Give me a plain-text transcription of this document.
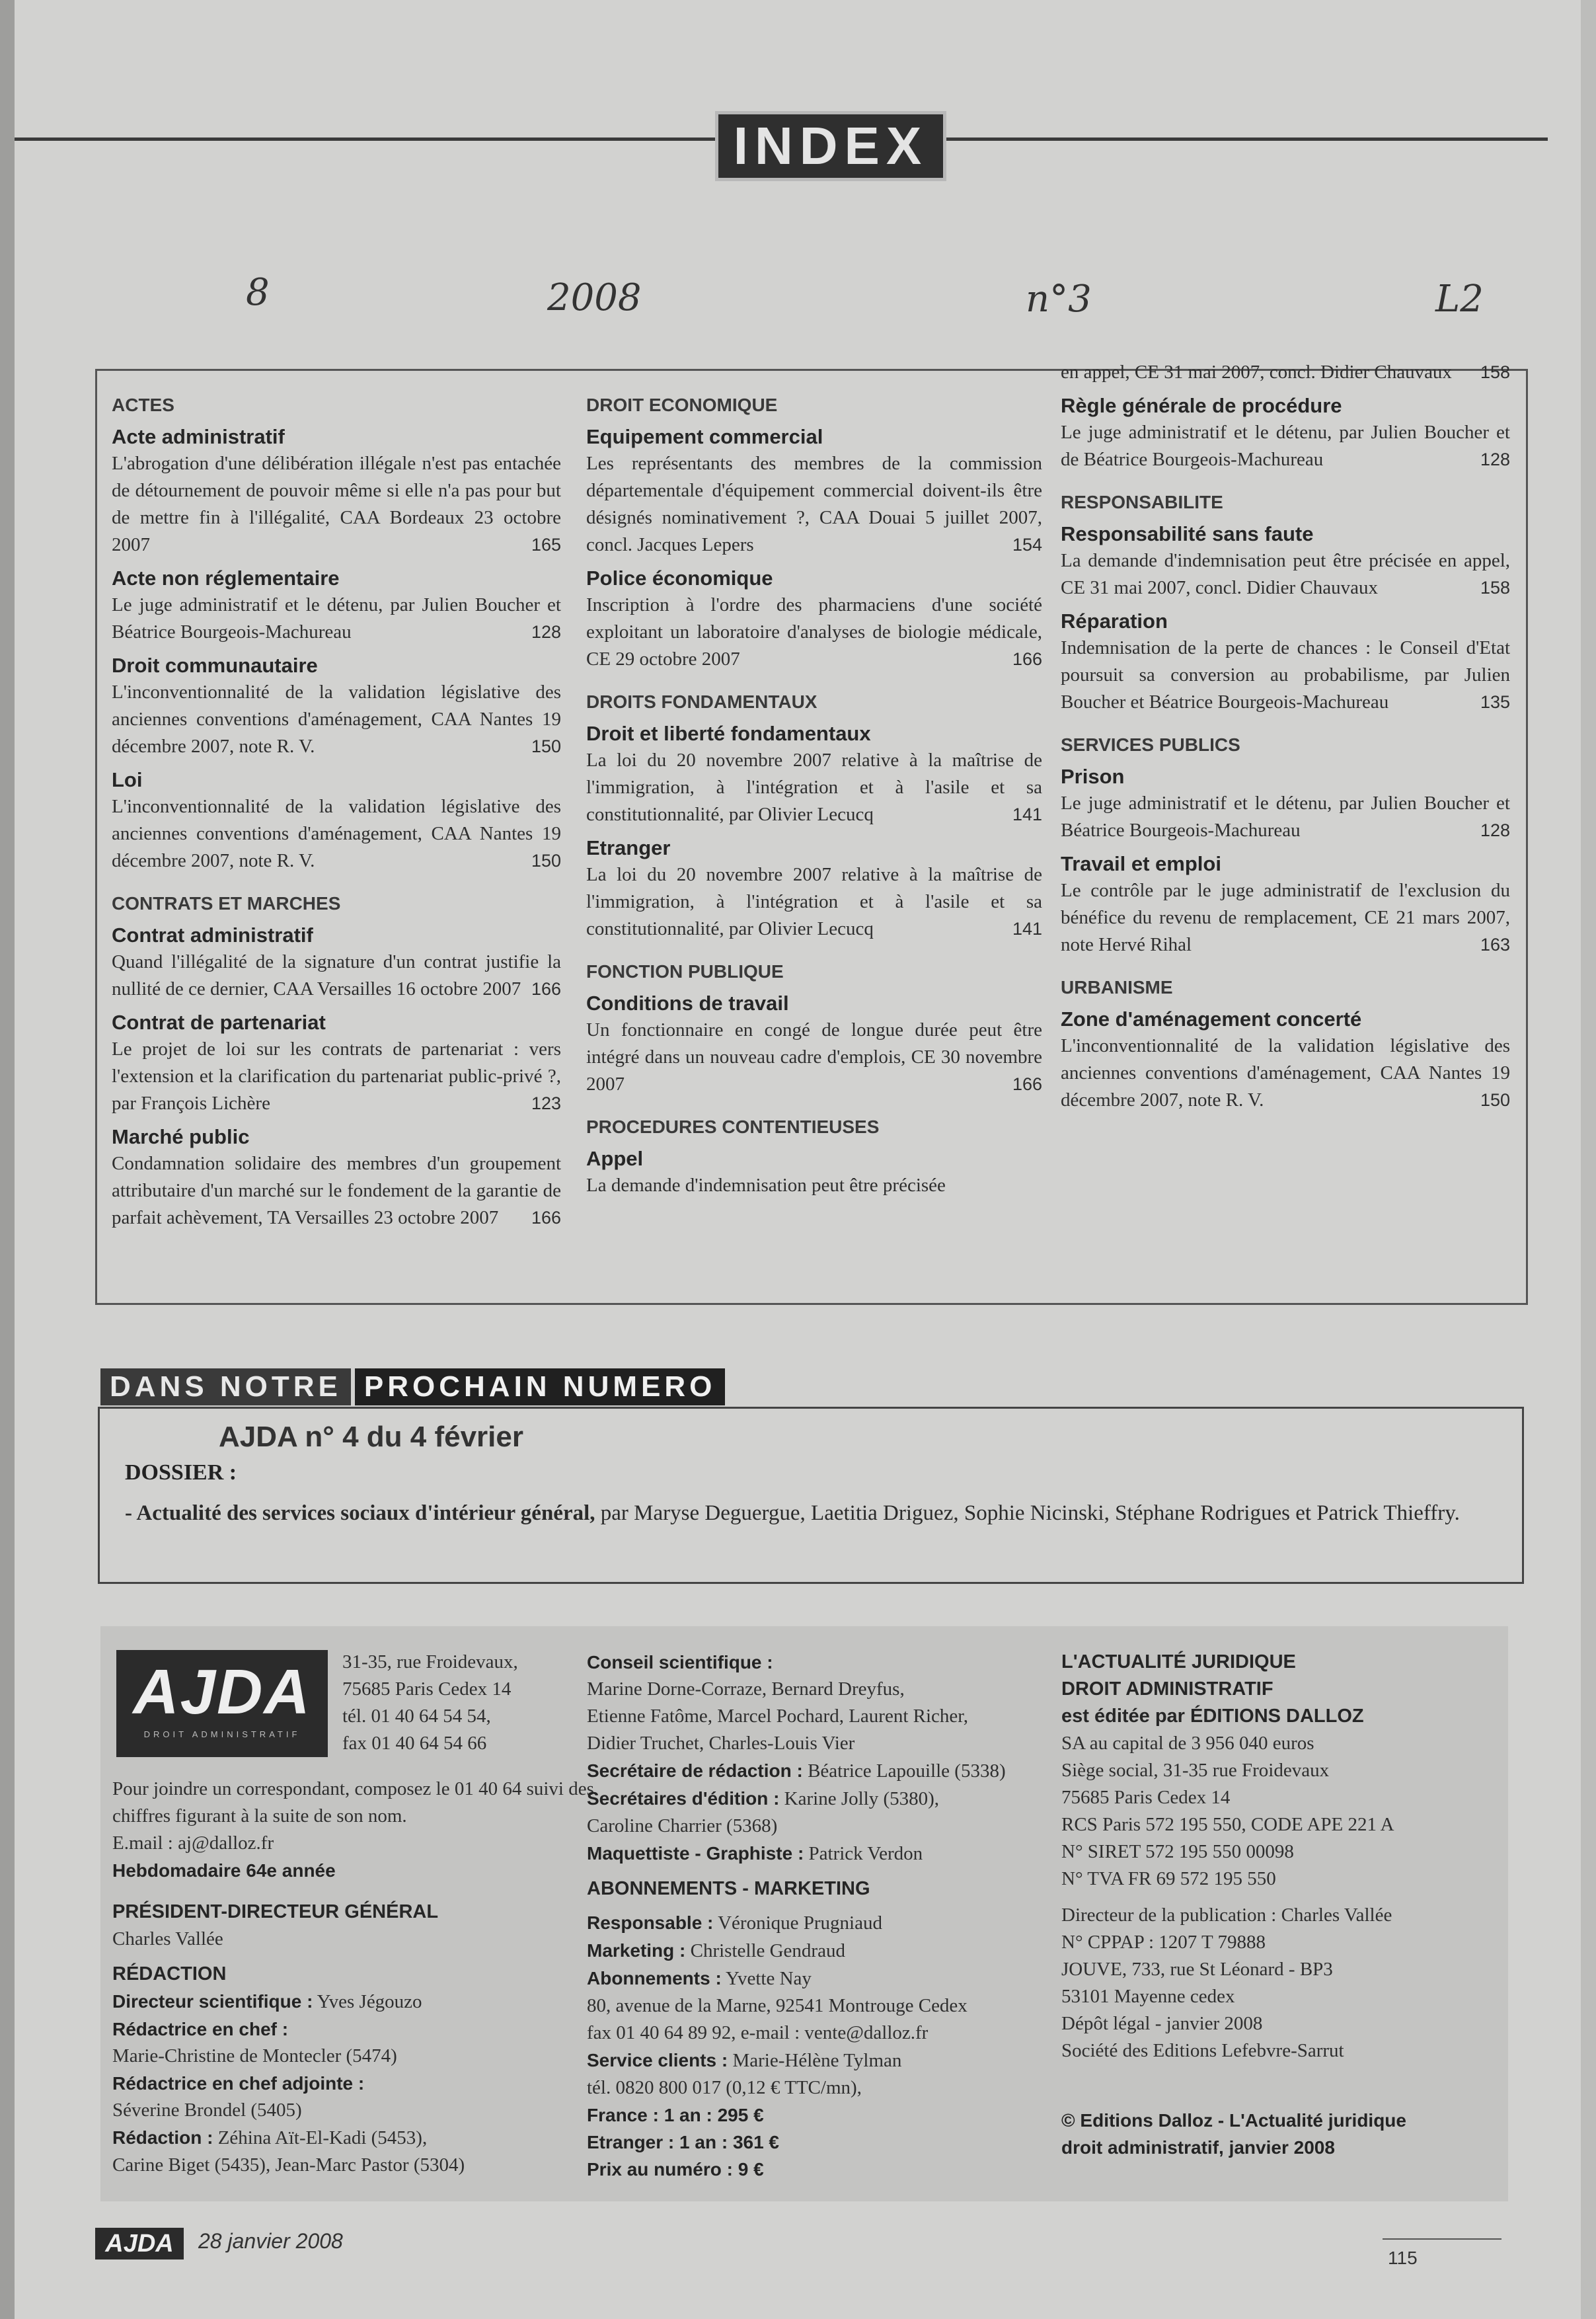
INDEX
8	2008	n°3	L2
ACTES
Acte administratif
L'abrogation d'une délibération illégale n'est pas entachée de détournement de pouvoir même si elle n'a pas pour but de mettre fin à l'illégalité, CAA Bordeaux 23 octobre 2007	165
Acte non réglementaire
Le juge administratif et le détenu, par Julien Boucher et Béatrice Bourgeois-Machureau	128
Droit communautaire
L'inconventionnalité de la validation législative des anciennes conventions d'aménagement, CAA Nantes 19 décembre 2007, note R. V.	150
Loi
L'inconventionnalité de la validation législative des anciennes conventions d'aménagement, CAA Nantes 19 décembre 2007, note R. V.	150
CONTRATS ET MARCHES
Contrat administratif
Quand l'illégalité de la signature d'un contrat justifie la nullité de ce dernier, CAA Versailles 16 octobre 2007 166
Contrat de partenariat
Le projet de loi sur les contrats de partenariat : vers l'extension et la clarification du partenariat public-privé ?, par François Lichère	123
Marché public
Condamnation solidaire des membres d'un groupement attributaire d'un marché sur le fondement de la garantie de parfait achèvement, TA Versailles 23 octobre 2007 166
DROIT ECONOMIQUE
Equipement commercial
Les représentants des membres de la commission départementale d'équipement commercial doivent-ils être désignés nominativement ?, CAA Douai 5 juillet 2007, concl. Jacques Lepers	154
Police économique
Inscription à l'ordre des pharmaciens d'une société exploitant un laboratoire d'analyses de biologie médicale, CE 29 octobre 2007	166
DROITS FONDAMENTAUX
Droit et liberté fondamentaux
La loi du 20 novembre 2007 relative à la maîtrise de l'immigration, à l'intégration et à l'asile et sa constitutionnalité, par Olivier Lecucq	141
Etranger
La loi du 20 novembre 2007 relative à la maîtrise de l'immigration, à l'intégration et à l'asile et sa constitutionnalité, par Olivier Lecucq	141
FONCTION PUBLIQUE
Conditions de travail
Un fonctionnaire en congé de longue durée peut être intégré dans un nouveau cadre d'emplois, CE 30 novembre 2007	166
PROCEDURES CONTENTIEUSES
Appel
La demande d'indemnisation peut être précisée
en appel, CE 31 mai 2007, concl. Didier Chauvaux 158
Règle générale de procédure
Le juge administratif et le détenu, par Julien Boucher et de Béatrice Bourgeois-Machureau	128
RESPONSABILITE
Responsabilité sans faute
La demande d'indemnisation peut être précisée en appel, CE 31 mai 2007, concl. Didier Chauvaux	158
Réparation
Indemnisation de la perte de chances : le Conseil d'Etat poursuit sa conversion au probabilisme, par Julien Boucher et Béatrice Bourgeois-Machureau	135
SERVICES PUBLICS
Prison
Le juge administratif et le détenu, par Julien Boucher et Béatrice Bourgeois-Machureau	128
Travail et emploi
Le contrôle par le juge administratif de l'exclusion du bénéfice du revenu de remplacement, CE 21 mars 2007, note Hervé Rihal	163
URBANISME
Zone d'aménagement concerté
L'inconventionnalité de la validation législative des anciennes conventions d'aménagement, CAA Nantes 19 décembre 2007, note R. V.	150
DANS NOTRE PROCHAIN NUMERO
AJDA n° 4 du 4 février
DOSSIER :
- Actualité des services sociaux d'intérieur général, par Maryse Deguergue, Laetitia Driguez, Sophie Nicinski, Stéphane Rodrigues et Patrick Thieffry.
AJDA
DROIT ADMINISTRATIF
31-35, rue Froidevaux,
75685 Paris Cedex 14
tél. 01 40 64 54 54,
fax 01 40 64 54 66
Pour joindre un correspondant, composez le 01 40 64 suivi des chiffres figurant à la suite de son nom.
E.mail : aj@dalloz.fr
Hebdomadaire 64e année
PRÉSIDENT-DIRECTEUR GÉNÉRAL
Charles Vallée
RÉDACTION
Directeur scientifique : Yves Jégouzo
Rédactrice en chef :
Marie-Christine de Montecler (5474)
Rédactrice en chef adjointe :
Séverine Brondel (5405)
Rédaction : Zéhina Aït-El-Kadi (5453),
Carine Biget (5435), Jean-Marc Pastor (5304)
Conseil scientifique :
Marine Dorne-Corraze, Bernard Dreyfus,
Etienne Fatôme, Marcel Pochard, Laurent Richer,
Didier Truchet, Charles-Louis Vier
Secrétaire de rédaction : Béatrice Lapouille (5338)
Secrétaires d'édition : Karine Jolly (5380),
Caroline Charrier (5368)
Maquettiste - Graphiste : Patrick Verdon
ABONNEMENTS - MARKETING
Responsable : Véronique Prugniaud
Marketing : Christelle Gendraud
Abonnements : Yvette Nay
80, avenue de la Marne, 92541 Montrouge Cedex
fax 01 40 64 89 92, e-mail : vente@dalloz.fr
Service clients : Marie-Hélène Tylman
tél. 0820 800 017 (0,12 € TTC/mn),
France : 1 an : 295 €
Etranger : 1 an : 361 €
Prix au numéro : 9 €
L'ACTUALITÉ JURIDIQUE
DROIT ADMINISTRATIF
est éditée par ÉDITIONS DALLOZ
SA au capital de 3 956 040 euros
Siège social, 31-35 rue Froidevaux
75685 Paris Cedex 14
RCS Paris 572 195 550, CODE APE 221 A
N° SIRET 572 195 550 00098
N° TVA FR 69 572 195 550
Directeur de la publication : Charles Vallée
N° CPPAP : 1207 T 79888
JOUVE, 733, rue St Léonard - BP3
53101 Mayenne cedex
Dépôt légal - janvier 2008
Société des Editions Lefebvre-Sarrut
© Editions Dalloz - L'Actualité juridique
droit administratif, janvier 2008
AJDA	28 janvier 2008
115
